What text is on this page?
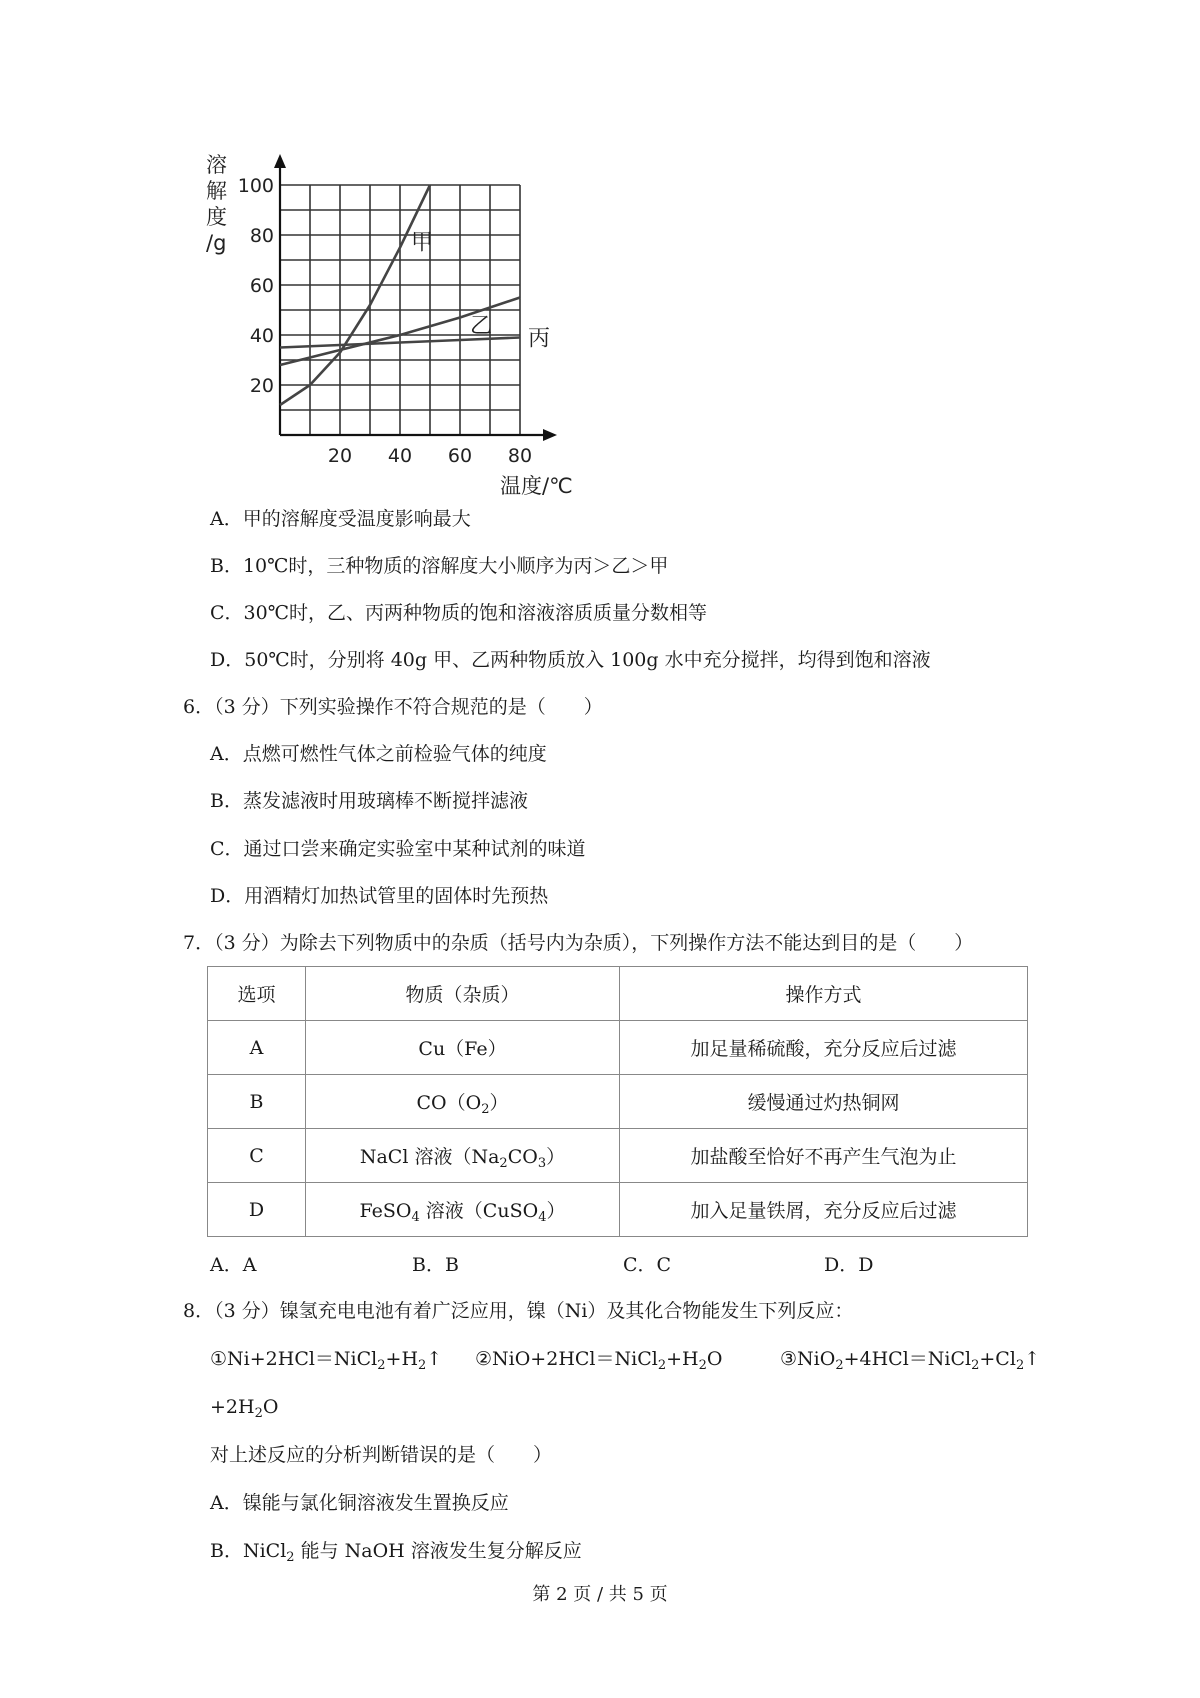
20
40
60
80
100
20 40 60 80
溶
解
度
/g
温度/℃
甲
乙 丙
A．甲的溶解度受温度影响最大
B．10℃时，三种物质的溶解度大小顺序为丙＞乙＞甲
C．30℃时，乙、丙两种物质的饱和溶液溶质质量分数相等
D．50℃时，分别将 40g 甲、乙两种物质放入 100g 水中充分搅拌，均得到饱和溶液
6．（3 分）下列实验操作不符合规范的是（　　）
A．点燃可燃性气体之前检验气体的纯度
B．蒸发滤液时用玻璃棒不断搅拌滤液
C．通过口尝来确定实验室中某种试剂的味道
D．用酒精灯加热试管里的固体时先预热
7．（3 分）为除去下列物质中的杂质（括号内为杂质），下列操作方法不能达到目的是（　　）
选项	物质（杂质）	操作方式
A	Cu（Fe）	加足量稀硫酸，充分反应后过滤
B	$CO(O_2)$	缓慢通过灼热铜网
C	NaCl 溶液$(Na_2CO_3)$	加盐酸至恰好不再产生气泡为止
D	FeSO$_4$ 溶液（CuSO$_4$）	加入足量铁屑，充分反应后过滤
A．A	B．B	C．C	D．D
8．（3 分）镍氢充电电池有着广泛应用，镍（Ni）及其化合物能发生下列反应：
$①Ni+2HCl=NiCl_2+H_2↑$ $②NiO+2HCl=NiCl_2+H_2O$	$③NiO_2+4HCl=NiCl_2+Cl_2↑$
$+2H_2O$
对上述反应的分析判断错误的是（　　）
A．镍能与氯化铜溶液发生置换反应
B．NiCl$_2$ 能与 NaOH 溶液发生复分解反应
第 2 页 / 共 5 页
